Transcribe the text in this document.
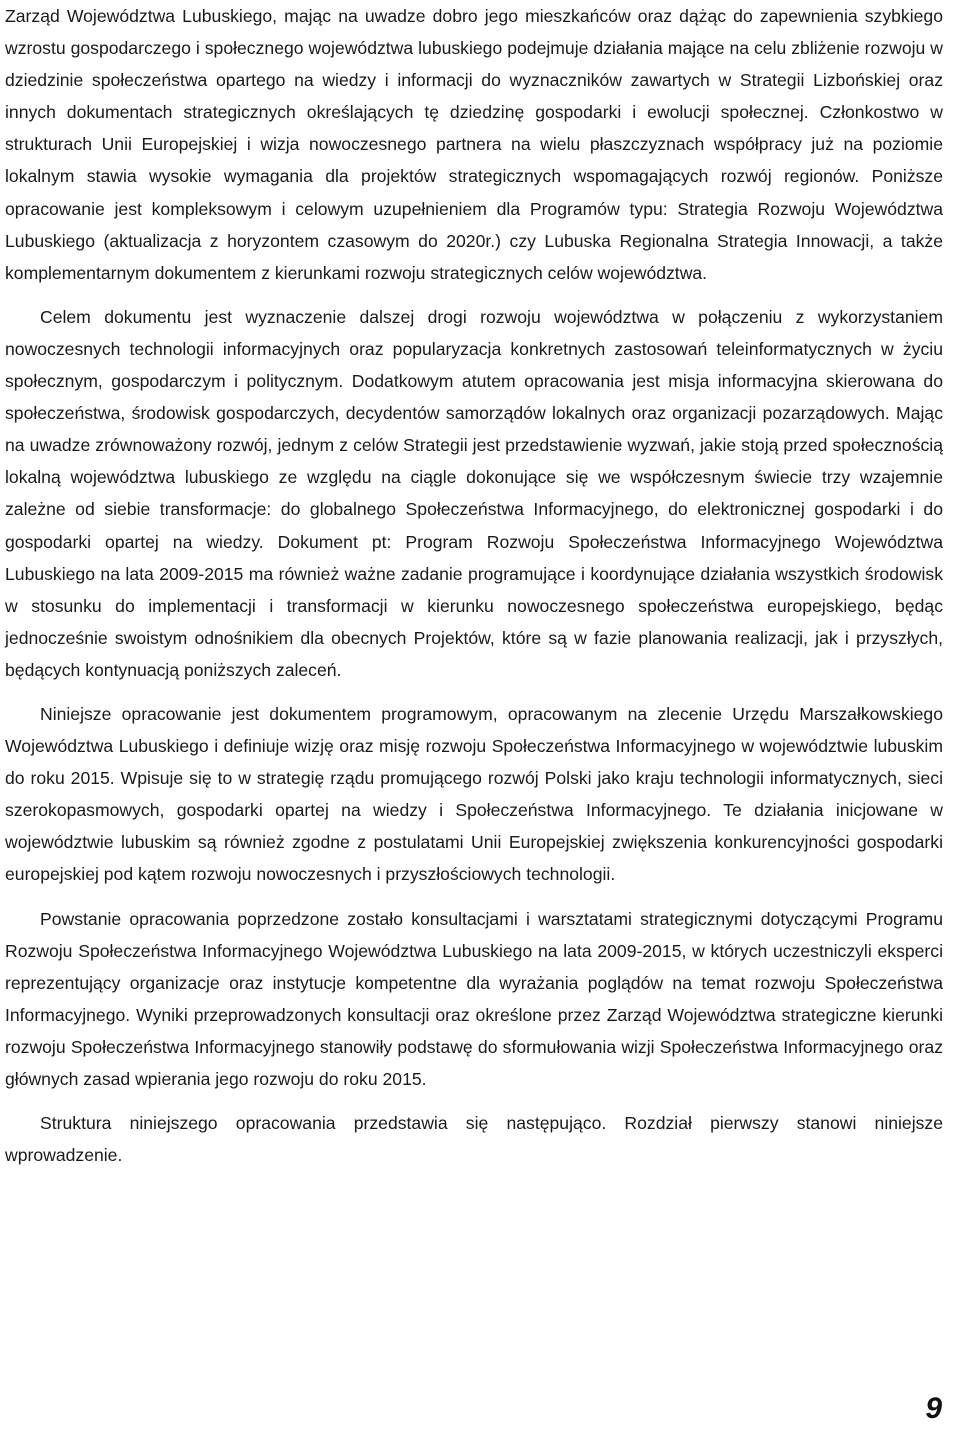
Zarząd Województwa Lubuskiego, mając na uwadze dobro jego mieszkańców oraz dążąc do zapewnienia szybkiego wzrostu gospodarczego i społecznego województwa lubuskiego podejmuje działania mające na celu zbliżenie rozwoju w dziedzinie społeczeństwa opartego na wiedzy i informacji do wyznaczników zawartych w Strategii Lizbońskiej oraz innych dokumentach strategicznych określających tę dziedzinę gospodarki i ewolucji społecznej. Członkostwo w strukturach Unii Europejskiej i wizja nowoczesnego partnera na wielu płaszczyznach współpracy już na poziomie lokalnym stawia wysokie wymagania dla projektów strategicznych wspomagających rozwój regionów. Poniższe opracowanie jest kompleksowym i celowym uzupełnieniem dla Programów typu: Strategia Rozwoju Województwa Lubuskiego (aktualizacja z horyzontem czasowym do 2020r.) czy Lubuska Regionalna Strategia Innowacji, a także komplementarnym dokumentem z kierunkami rozwoju strategicznych celów województwa.

Celem dokumentu jest wyznaczenie dalszej drogi rozwoju województwa w połączeniu z wykorzystaniem nowoczesnych technologii informacyjnych oraz popularyzacja konkretnych zastosowań teleinformatycznych w życiu społecznym, gospodarczym i politycznym. Dodatkowym atutem opracowania jest misja informacyjna skierowana do społeczeństwa, środowisk gospodarczych, decydentów samorządów lokalnych oraz organizacji pozarządowych. Mając na uwadze zrównoważony rozwój, jednym z celów Strategii jest przedstawienie wyzwań, jakie stoją przed społecznością lokalną województwa lubuskiego ze względu na ciągle dokonujące się we współczesnym świecie trzy wzajemnie zależne od siebie transformacje: do globalnego Społeczeństwa Informacyjnego, do elektronicznej gospodarki i do gospodarki opartej na wiedzy. Dokument pt: Program Rozwoju Społeczeństwa Informacyjnego Województwa Lubuskiego na lata 2009-2015 ma również ważne zadanie programujące i koordynujące działania wszystkich środowisk w stosunku do implementacji i transformacji w kierunku nowoczesnego społeczeństwa europejskiego, będąc jednocześnie swoistym odnośnikiem dla obecnych Projektów, które są w fazie planowania realizacji, jak i przyszłych, będących kontynuacją poniższych zaleceń.

Niniejsze opracowanie jest dokumentem programowym, opracowanym na zlecenie Urzędu Marszałkowskiego Województwa Lubuskiego i definiuje wizję oraz misję rozwoju Społeczeństwa Informacyjnego w województwie lubuskim do roku 2015. Wpisuje się to w strategię rządu promującego rozwój Polski jako kraju technologii informatycznych, sieci szerokopasmowych, gospodarki opartej na wiedzy i Społeczeństwa Informacyjnego. Te działania inicjowane w województwie lubuskim są również zgodne z postulatami Unii Europejskiej zwiększenia konkurencyjności gospodarki europejskiej pod kątem rozwoju nowoczesnych i przyszłościowych technologii.

Powstanie opracowania poprzedzone zostało konsultacjami i warsztatami strategicznymi dotyczącymi Programu Rozwoju Społeczeństwa Informacyjnego Województwa Lubuskiego na lata 2009-2015, w których uczestniczyli eksperci reprezentujący organizacje oraz instytucje kompetentne dla wyrażania poglądów na temat rozwoju Społeczeństwa Informacyjnego. Wyniki przeprowadzonych konsultacji oraz określone przez Zarząd Województwa strategiczne kierunki rozwoju Społeczeństwa Informacyjnego stanowiły podstawę do sformułowania wizji Społeczeństwa Informacyjnego oraz głównych zasad wpierania jego rozwoju do roku 2015.

Struktura niniejszego opracowania przedstawia się następująco. Rozdział pierwszy stanowi niniejsze wprowadzenie.

9
